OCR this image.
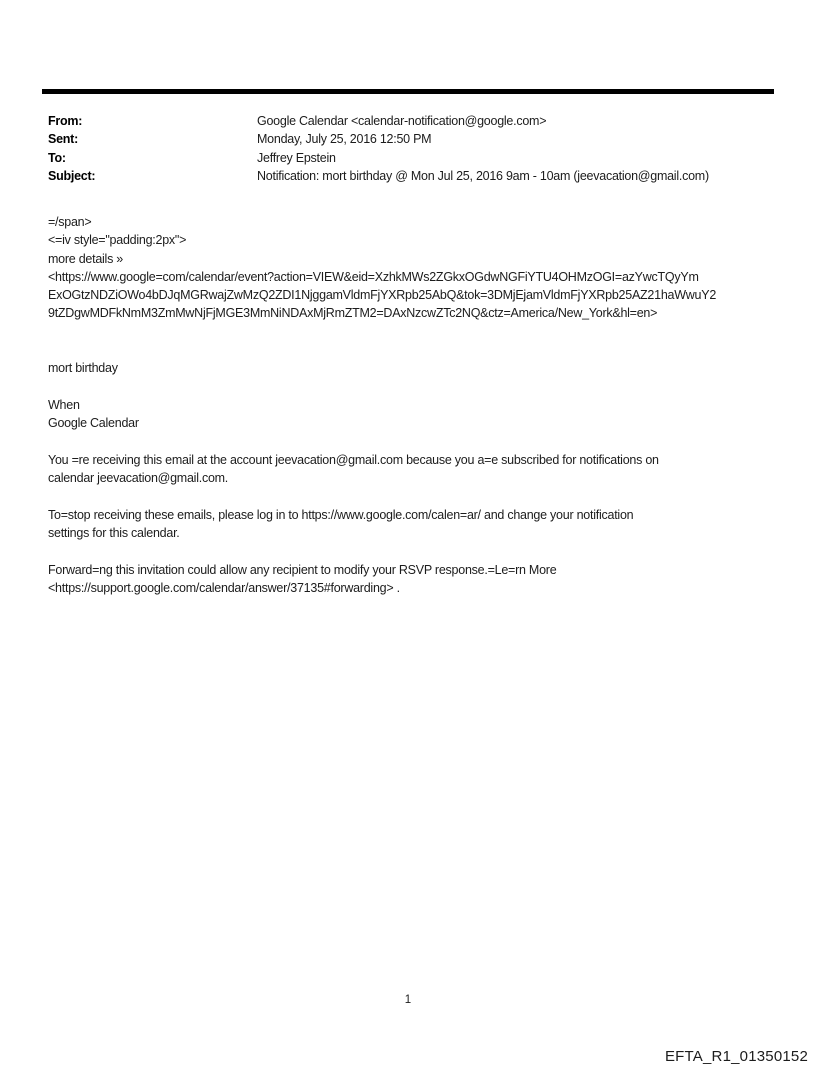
From:	Google Calendar <calendar-notification@google.com>
Sent:	Monday, July 25, 2016 12:50 PM
To:	Jeffrey Epstein
Subject:	Notification: mort birthday @ Mon Jul 25, 2016 9am - 10am (jeevacation@gmail.com)
=/span>
<=iv style="padding:2px">
more details »
<https://www.google=com/calendar/event?action=VIEW&eid=XzhkMWs2ZGkxOGdwNGFiYTU4OHMzOGI=azYwcTQyYm
ExOGtzNDZiOWo4bDJqMGRwajZwMzQ2ZDI1NjggamVldmFjYXRpb25AbQ&tok=3DMjEjamVldmFjYXRpb25AZ21haWwuY2
9tZDgwMDFkNmM3ZmMwNjFjMGE3MmNiNDAxMjRmZTM2=DAxNzcwZTc2NQ&ctz=America/New_York&hl=en>

mort birthday

When
Google Calendar

You =re receiving this email at the account jeevacation@gmail.com because you a=e subscribed for notifications on
calendar jeevacation@gmail.com.

To=stop receiving these emails, please log in to https://www.google.com/calen=ar/ and change your notification
settings for this calendar.

Forward=ng this invitation could allow any recipient to modify your RSVP response.=Le=rn More
<https://support.google.com/calendar/answer/37135#forwarding> .
1
EFTA_R1_01350152
